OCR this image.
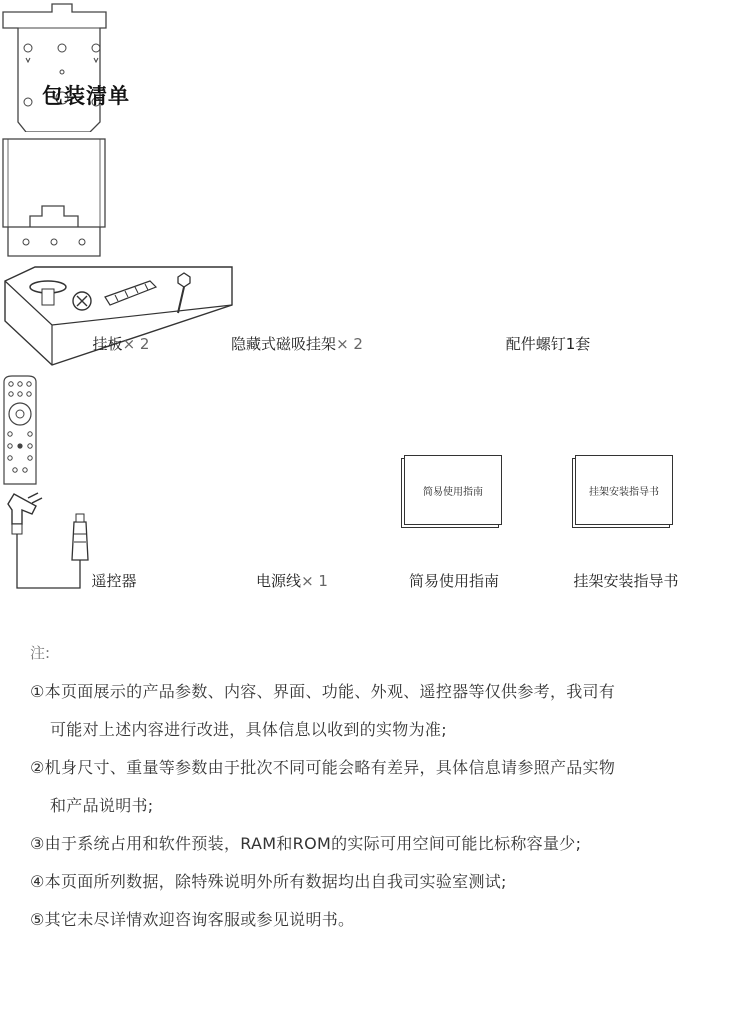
包装清单
挂板× 2	隐藏式磁吸挂架× 2	配件螺钉1套
遥控器	电源线× 1
简易使用指南
简易使用指南
挂架安装指导书
挂架安装指导书
注:
①本页面展示的产品参数、内容、界面、功能、外观、遥控器等仅供参考，我司有
可能对上述内容进行改进，具体信息以收到的实物为准;
②机身尺寸、重量等参数由于批次不同可能会略有差异，具体信息请参照产品实物
和产品说明书;
③由于系统占用和软件预装，RAM和ROM的实际可用空间可能比标称容量少;
④本页面所列数据，除特殊说明外所有数据均出自我司实验室测试;
⑤其它未尽详情欢迎咨询客服或参见说明书。
